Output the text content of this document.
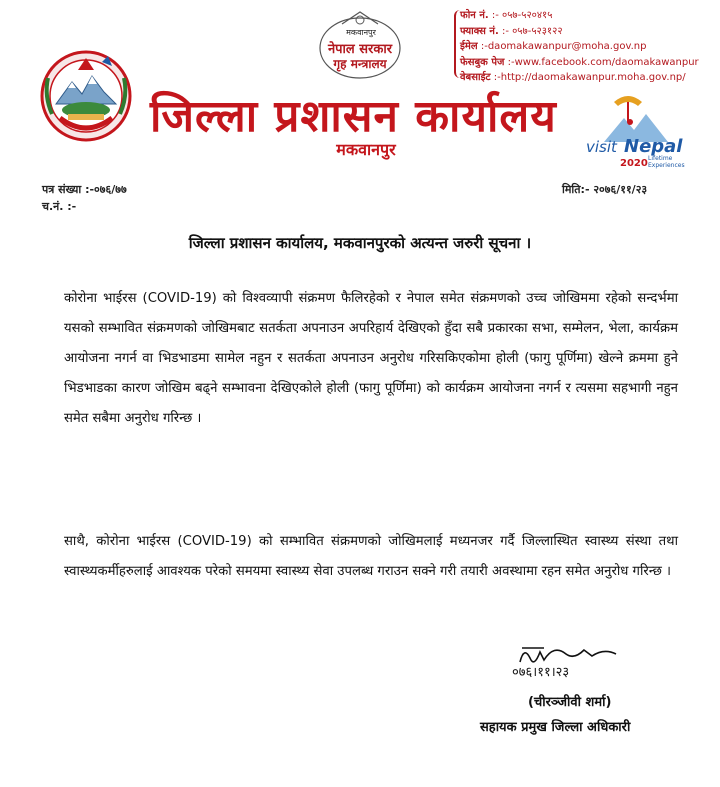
मकवानपुर
नेपाल सरकार
गृह मन्त्रालय
जिल्ला प्रशासन कार्यालय
मकवानपुर
फोन नं. :- ०५७-५२०४१५
फ्याक्स नं. :- ०५७-५२३१२२
ईमेल :-daomakawanpur@moha.gov.np
फेसबुक पेज :-www.facebook.com/daomakawanpur
वेबसाईट :-http://daomakawanpur.moha.gov.np/
visit Nepal
2020 Lifetime
Experiences
पत्र संख्या :-०७६/७७
च.नं. :-
मिति:- २०७६/११/२३
जिल्ला प्रशासन कार्यालय, मकवानपुरको अत्यन्त जरुरी सूचना ।
कोरोना भाईरस (COVID-19) को विश्वव्यापी संक्रमण फैलिरहेको र नेपाल समेत संक्रमणको उच्च जोखिममा रहेको सन्दर्भमा यसको सम्भावित संक्रमणको जोखिमबाट सतर्कता अपनाउन अपरिहार्य देखिएको हुँदा सबै प्रकारका सभा, सम्मेलन, भेला, कार्यक्रम आयोजना नगर्न वा भिडभाडमा सामेल नहुन र सतर्कता अपनाउन अनुरोध गरिसकिएकोमा होली (फागु पूर्णिमा) खेल्ने क्रममा हुने भिडभाडका कारण जोखिम बढ्ने सम्भावना देखिएकोले होली (फागु पूर्णिमा) को कार्यक्रम आयोजना नगर्न र त्यसमा सहभागी नहुन समेत सबैमा अनुरोध गरिन्छ ।
साथै, कोरोना भाईरस (COVID-19) को सम्भावित संक्रमणको जोखिमलाई मध्यनजर गर्दै जिल्लास्थित स्वास्थ्य संस्था तथा स्वास्थ्यकर्मीहरुलाई आवश्यक परेको समयमा स्वास्थ्य सेवा उपलब्ध गराउन सक्ने गरी तयारी अवस्थामा रहन समेत अनुरोध गरिन्छ ।
०७६।११।२३
(चीरञ्जीवी शर्मा)
सहायक प्रमुख जिल्ला अधिकारी
